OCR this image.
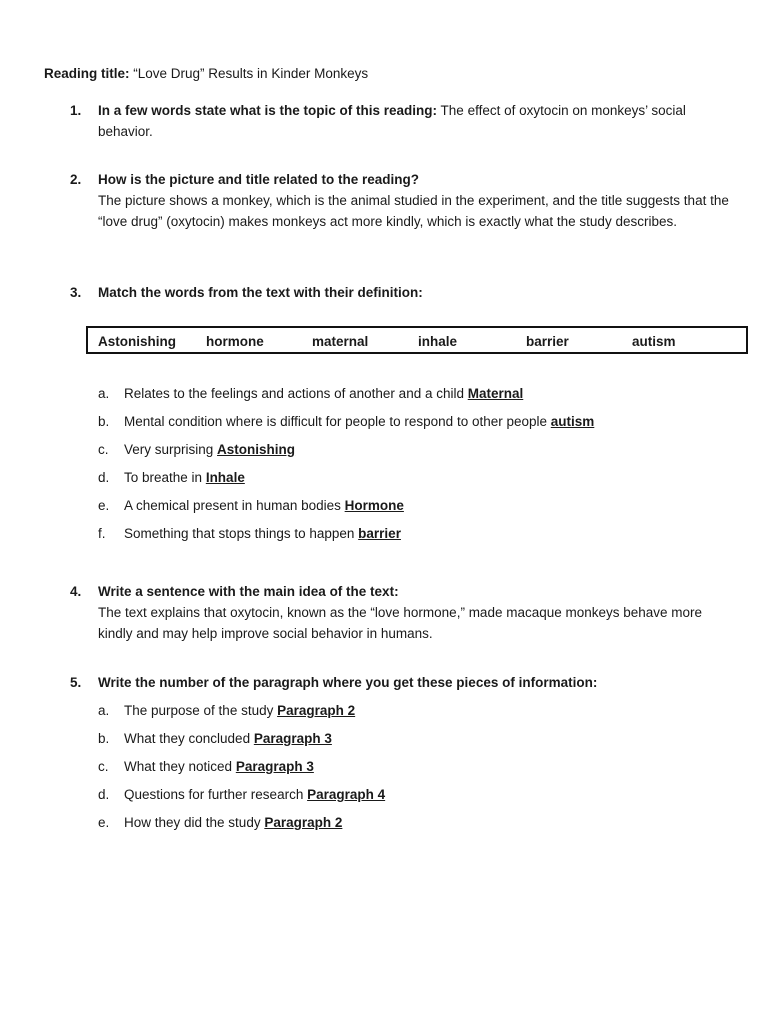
Reading title: “Love Drug” Results in Kinder Monkeys
1. In a few words state what is the topic of this reading: The effect of oxytocin on monkeys’ social behavior.
2. How is the picture and title related to the reading?
The picture shows a monkey, which is the animal studied in the experiment, and the title suggests that the “love drug” (oxytocin) makes monkeys act more kindly, which is exactly what the study describes.
3. Match the words from the text with their definition:
Astonishing hormone	maternal	inhale	barrier	autism
a. Relates to the feelings and actions of another and a child Maternal
b. Mental condition where is difficult for people to respond to other people autism
c. Very surprising Astonishing
d. To breathe in Inhale
e. A chemical present in human bodies Hormone
f. Something that stops things to happen barrier
4. Write a sentence with the main idea of the text:
The text explains that oxytocin, known as the “love hormone,” made macaque monkeys behave more kindly and may help improve social behavior in humans.
5. Write the number of the paragraph where you get these pieces of information:
a. The purpose of the study Paragraph 2
b. What they concluded Paragraph 3
c. What they noticed Paragraph 3
d. Questions for further research Paragraph 4
e. How they did the study Paragraph 2
